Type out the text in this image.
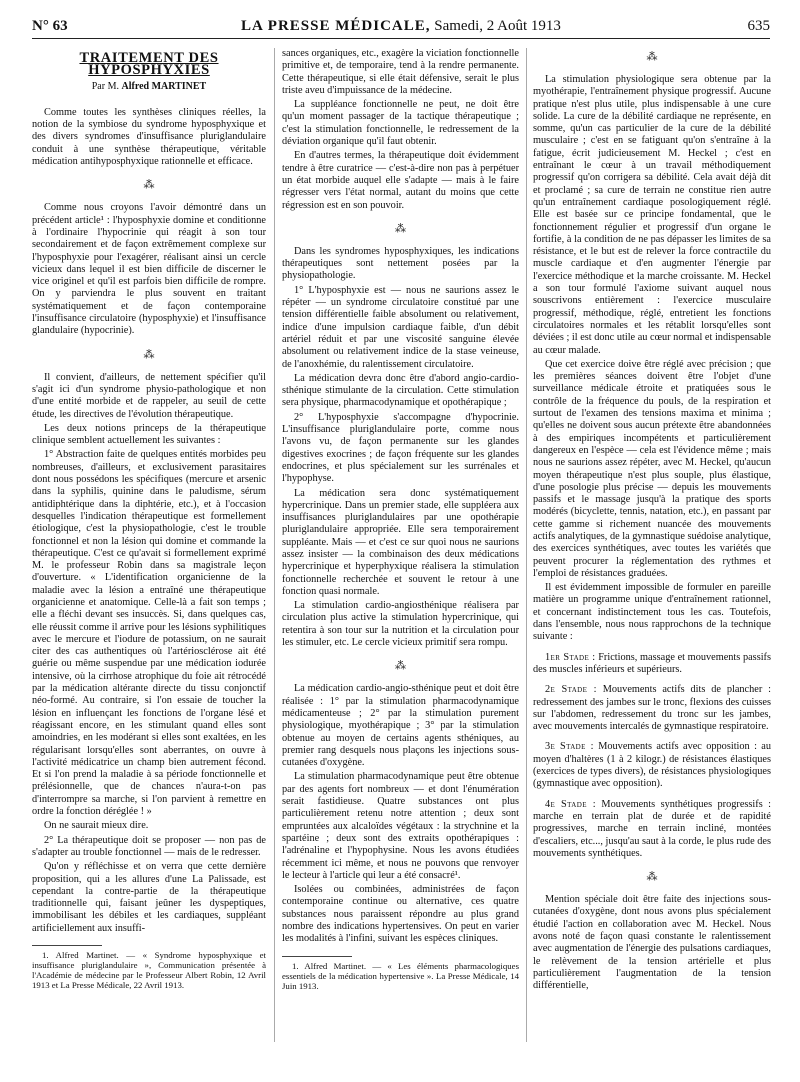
N° 63	LA PRESSE MÉDICALE, Samedi, 2 Août 1913	635
TRAITEMENT DES HYPOSPHYXIES
Par M. Alfred MARTINET

Comme toutes les synthèses cliniques réelles, la notion de la symbiose du syndrome hyposphyxique et des divers syndromes d'insuffisance pluriglandulaire conduit à une synthèse thérapeutique, véritable médication antihyposphyxique rationnelle et efficace.

⁂

Comme nous croyons l'avoir démontré dans un précédent article¹ : l'hyposphyxie domine et conditionne à l'ordinaire l'hypocrinie qui réagit à son tour secondairement et de façon extrêmement complexe sur l'hyposphyxie pour l'exagérer, réalisant ainsi un cercle vicieux dans lequel il est bien difficile de discerner le vice originel et qu'il est parfois bien difficile de rompre. On y parviendra le plus souvent en traitant systématiquement et de façon contemporaine l'insuffisance circulatoire (hyposphyxie) et l'insuffisance glandulaire (hypocrinie).

⁂

Il convient, d'ailleurs, de nettement spécifier qu'il s'agit ici d'un syndrome physio-pathologique et non d'une entité morbide et de rappeler, au seuil de cette étude, les directives de l'évolution thérapeutique.

Les deux notions princeps de la thérapeutique clinique semblent actuellement les suivantes :

1° Abstraction faite de quelques entités morbides peu nombreuses, d'ailleurs, et exclusivement parasitaires dont nous possédons les spécifiques (mercure et arsenic dans la syphilis, quinine dans le paludisme, sérum antidiphtérique dans la diphtérie, etc.), et à l'occasion desquelles l'indication thérapeutique est formellement étiologique, c'est la physiopathologie, c'est le trouble fonctionnel et non la lésion qui domine et commande la thérapeutique. C'est ce qu'avait si formellement exprimé M. le professeur Robin dans sa magistrale leçon d'ouverture. « L'identification organicienne de la maladie avec la lésion a entraîné une thérapeutique organicienne et anatomique. Celle-là a fait son temps ; elle a fléchi devant ses insuccès. Si, dans quelques cas, elle réussit comme il arrive pour les lésions syphilitiques avec le mercure et l'iodure de potassium, on ne saurait citer des cas authentiques où l'artériosclérose ait été guérie ou même suspendue par une médication iodurée intensive, où la cirrhose atrophique du foie ait rétrocédé par la médication altérante directe du tissu conjonctif néo-formé. Au contraire, si l'on essaie de toucher la lésion en influençant les fonctions de l'organe lésé et réagissant encore, en les stimulant quand elles sont amoindries, en les modérant si elles sont exaltées, en les régularisant lorsqu'elles sont aberrantes, on ouvre à l'activité médicatrice un champ bien autrement fécond. Et si l'on prend la maladie à sa période fonctionnelle et prélésionnelle, que de chances n'aura-t-on pas d'interrompre sa marche, si l'on parvient à remettre en ordre la fonction déréglée ! »

On ne saurait mieux dire.

2° La thérapeutique doit se proposer — non pas de s'adapter au trouble fonctionnel — mais de le redresser.

Qu'on y réfléchisse et on verra que cette dernière proposition, qui a les allures d'une La Palissade, est cependant la contre-partie de la thérapeutique traditionnelle qui, faisant jeûner les dyspeptiques, immobilisant les débiles et les cardiaques, suppléant artificiellement aux insuffi-

1. Alfred Martinet. — « Syndrome hyposphyxique et insuffisance pluriglandulaire », Communication présentée à l'Académie de médecine par le Professeur Albert Robin, 12 Avril 1913 et La Presse Médicale, 22 Avril 1913.

sances organiques, etc., exagère la viciation fonctionnelle primitive et, de temporaire, tend à la rendre permanente. Cette thérapeutique, si elle était défensive, serait le plus triste aveu d'impuissance de la médecine.

La suppléance fonctionnelle ne peut, ne doit être qu'un moment passager de la tactique thérapeutique ; c'est la stimulation fonctionnelle, le redressement de la déviation organique qu'il faut obtenir.

En d'autres termes, la thérapeutique doit évidemment tendre à être curatrice — c'est-à-dire non pas à perpétuer un état morbide auquel elle s'adapte — mais à le faire régresser vers l'état normal, autant du moins que cette régression est en son pouvoir.

⁂

Dans les syndromes hyposphyxiques, les indications thérapeutiques sont nettement posées par la physiopathologie.

1° L'hyposphyxie est — nous ne saurions assez le répéter — un syndrome circulatoire constitué par une tension différentielle faible absolument ou relativement, indice d'une impulsion cardiaque faible, d'un débit artériel réduit et par une viscosité sanguine élevée absolument ou relativement indice de la stase veineuse, de l'anoxhémie, du ralentissement circulatoire.

La médication devra donc être d'abord angio-cardio-sthénique stimulante de la circulation. Cette stimulation sera physique, pharmacodynamique et opothérapique ;

2° L'hyposphyxie s'accompagne d'hypocrinie. L'insuffisance pluriglandulaire porte, comme nous l'avons vu, de façon permanente sur les glandes digestives exocrines ; de façon fréquente sur les glandes endocrines, et plus spécialement sur les surrénales et l'hypophyse.

La médication sera donc systématiquement hypercrinique. Dans un premier stade, elle suppléera aux insuffisances pluriglandulaires par une opothérapie pluriglandulaire appropriée. Elle sera temporairement suppléante. Mais — et c'est ce sur quoi nous ne saurions assez insister — la combinaison des deux médications hypercrinique et hyperphyxique réalisera la stimulation fonctionnelle recherchée et souvent le retour à une fonction quasi normale.

La stimulation cardio-angiosthénique réalisera par circulation plus active la stimulation hypercrinique, qui retentira à son tour sur la nutrition et la circulation pour les stimuler, etc. Le cercle vicieux primitif sera rompu.

⁂

La médication cardio-angio-sthénique peut et doit être réalisée : 1° par la stimulation pharmacodynamique médicamenteuse ; 2° par la stimulation purement physiologique, myothérapique ; 3° par la stimulation obtenue au moyen de certains agents sthéniques, au premier rang desquels nous plaçons les injections sous-cutanées d'oxygène.

La stimulation pharmacodynamique peut être obtenue par des agents fort nombreux — et dont l'énumération serait fastidieuse. Quatre substances ont plus particulièrement retenu notre attention ; deux sont empruntées aux alcaloïdes végétaux : la strychnine et la spartéine ; deux sont des extraits opothérapiques : l'adrénaline et l'hypophysine. Nous les avons étudiées récemment ici même, et nous ne pouvons que renvoyer le lecteur à l'article qui leur a été consacré¹.

Isolées ou combinées, administrées de façon contemporaine continue ou alternative, ces quatre substances nous paraissent répondre au plus grand nombre des indications hypertensives. On peut en varier les modalités à l'infini, suivant les espèces cliniques.

1. Alfred Martinet. — « Les éléments pharmacologiques essentiels de la médication hypertensive ». La Presse Médicale, 14 Juin 1913.

⁂

La stimulation physiologique sera obtenue par la myothérapie, l'entraînement physique progressif. Aucune pratique n'est plus utile, plus indispensable à une cure solide. La cure de la débilité cardiaque ne représente, en somme, qu'un cas particulier de la cure de la débilité musculaire ; c'est en se fatiguant qu'on s'entraîne à la fatigue, écrit judicieusement M. Heckel ; c'est en entraînant le cœur à un travail méthodiquement progressif qu'on corrigera sa débilité. Cela avait déjà dit et proclamé ; sa cure de terrain ne constitue rien autre qu'un entraînement cardiaque posologiquement réglé. Elle est basée sur ce principe fondamental, que le fonctionnement régulier et progressif d'un organe le fortifie, à la condition de ne pas dépasser les limites de sa résistance, et le but est de relever la force contractile du muscle cardiaque et d'en augmenter l'énergie par l'exercice méthodique et la marche croissante. M. Heckel a son tour formulé l'axiome suivant auquel nous souscrivons entièrement : l'exercice musculaire progressif, méthodique, réglé, entretient les fonctions circulatoires normales et les rétablit lorsqu'elles sont déviées ; il est donc utile au cœur normal et indispensable au cœur malade.

Que cet exercice doive être réglé avec précision ; que les premières séances doivent être l'objet d'une surveillance médicale étroite et pratiquées sous le contrôle de la fréquence du pouls, de la respiration et surtout de l'examen des tensions maxima et minima ; qu'elles ne doivent sous aucun prétexte être abandonnées à des empiriques incompétents et particulièrement dangereux en l'espèce — cela est l'évidence même ; mais nous ne saurions assez répéter, avec M. Heckel, qu'aucun moyen thérapeutique n'est plus souple, plus élastique, d'une posologie plus précise — depuis les mouvements passifs et le massage jusqu'à la pratique des sports modérés (bicyclette, tennis, natation, etc.), en passant par cette gamme si richement nuancée des mouvements actifs analytiques, de la gymnastique suédoise analytique, des exercices synthétiques, avec toutes les variétés que peuvent procurer la réglementation des rythmes et l'emploi de résistances graduées.

Il est évidemment impossible de formuler en pareille matière un programme unique d'entraînement rationnel, et concernant indistinctement tous les cas. Toutefois, dans l'ensemble, nous nous rapprochons de la technique suivante :

1er Stade : Frictions, massage et mouvements passifs des muscles inférieurs et supérieurs.

2e Stade : Mouvements actifs dits de plancher : redressement des jambes sur le tronc, flexions des cuisses sur l'abdomen, redressement du tronc sur les jambes, avec mouvements intercalés de gymnastique respiratoire.

3e Stade : Mouvements actifs avec opposition : au moyen d'haltères (1 à 2 kilogr.) de résistances élastiques (exercices de types divers), de résistances physiologiques (gymnastique avec opposition).

4e Stade : Mouvements synthétiques progressifs : marche en terrain plat de durée et de rapidité progressives, marche en terrain incliné, montées d'escaliers, etc..., jusqu'au saut à la corde, le plus rude des mouvements synthétiques.

⁂

Mention spéciale doit être faite des injections sous-cutanées d'oxygène, dont nous avons plus spécialement étudié l'action en collaboration avec M. Heckel. Nous avons noté de façon quasi constante le ralentissement avec augmentation de l'énergie des pulsations cardiaques, le relèvement de la tension artérielle et plus particulièrement l'augmentation de la tension différentielle,
